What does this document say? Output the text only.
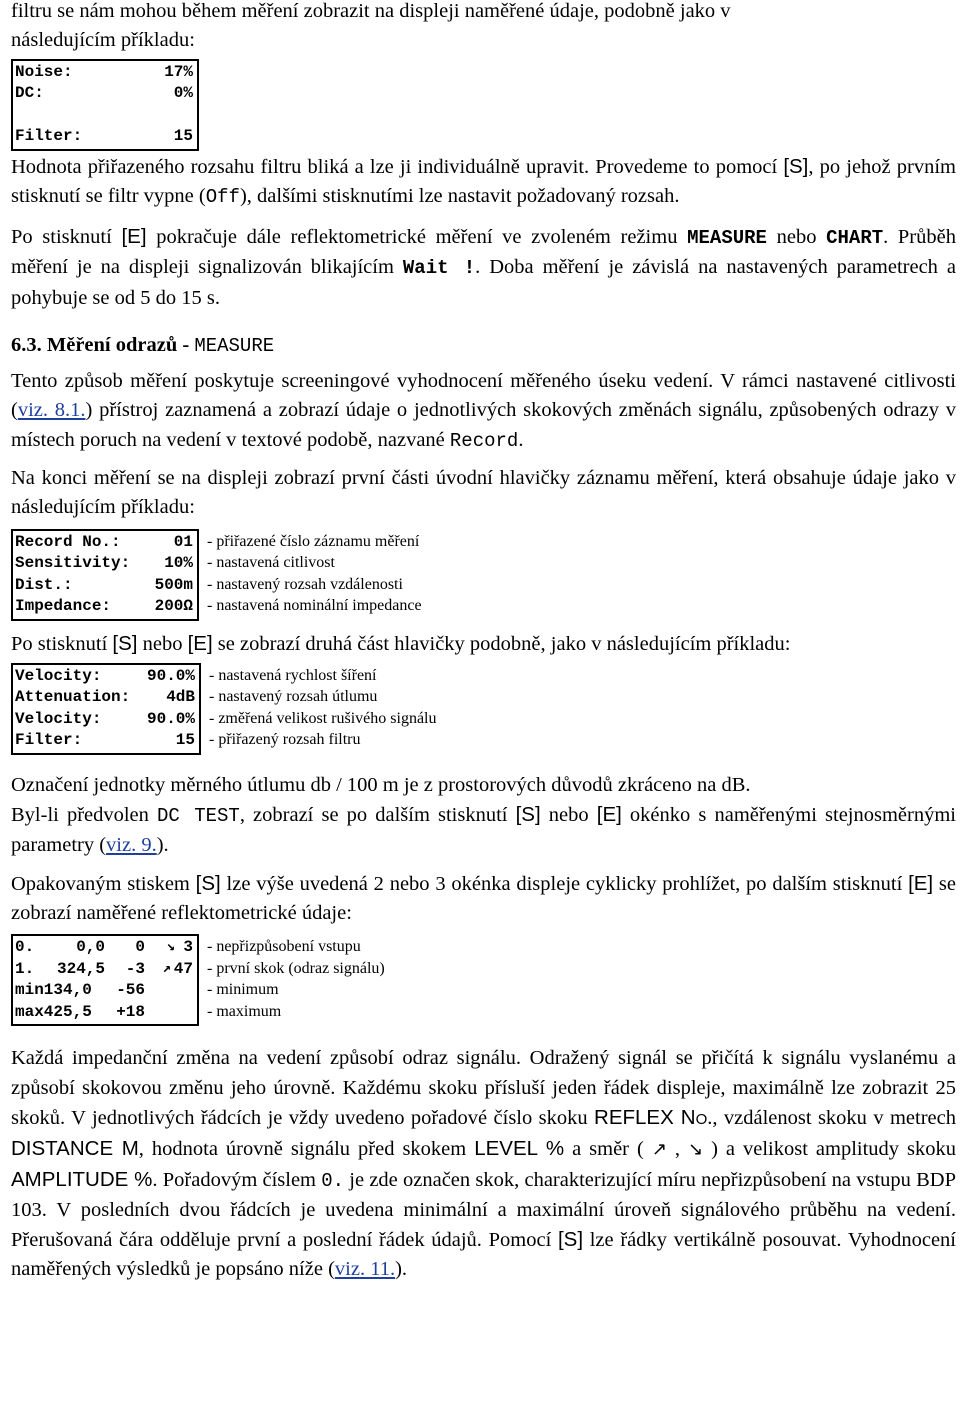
filtru se nám mohou během měření zobrazit na displeji naměřené údaje, podobně jako v
následujícím příkladu:

Noise:	17%
DC:	0%
Filter:	15

Hodnota přiřazeného rozsahu filtru bliká a lze ji individuálně upravit. Provedeme to pomocí [S], po jehož prvním stisknutí se filtr vypne (Off), dalšími stisknutími lze nastavit požadovaný rozsah.

Po stisknutí [E] pokračuje dále reflektometrické měření ve zvoleném režimu MEASURE nebo CHART. Průběh měření je na displeji signalizován blikajícím Wait !. Doba měření je závislá na nastavených parametrech a pohybuje se od 5 do 15 s.

6.3. Měření odrazů - MEASURE

Tento způsob měření poskytuje screeningové vyhodnocení měřeného úseku vedení. V rámci nastavené citlivosti (viz. 8.1.) přístroj zaznamená a zobrazí údaje o jednotlivých skokových změnách signálu, způsobených odrazy v místech poruch na vedení v textové podobě, nazvané Record.

Na konci měření se na displeji zobrazí první části úvodní hlavičky záznamu měření, která obsahuje údaje jako v následujícím příkladu:

Record No.:	01
Sensitivity: 10%
Dist.:	500m
Impedance:	200Ω
- přiřazené číslo záznamu měření
- nastavená citlivost
- nastavený rozsah vzdálenosti
- nastavená nominální impedance

Po stisknutí [S] nebo [E] se zobrazí druhá část hlavičky podobně, jako v následujícím příkladu:

Velocity:	90.0%
Attenuation: 4dB
Velocity:	90.0%
Filter:	15
- nastavená rychlost šíření
- nastavený rozsah útlumu
- změřená velikost rušivého signálu
- přiřazený rozsah filtru

Označení jednotky měrného útlumu db / 100 m je z prostorových důvodů zkráceno na dB.

Byl-li předvolen DC TEST, zobrazí se po dalším stisknutí [S] nebo [E] okénko s naměřenými stejnosměrnými parametry (viz. 9.).

Opakovaným stiskem [S] lze výše uvedená 2 nebo 3 okénka displeje cyklicky prohlížet, po dalším stisknutí [E] se zobrazí naměřené reflektometrické údaje:

0.	0,0	0	↘ 3
1.	324,5	-3	↗ 47
min134,0	-56
max425,5	+18
- nepřizpůsobení vstupu
- první skok (odraz signálu)
- minimum
- maximum

Každá impedanční změna na vedení způsobí odraz signálu. Odražený signál se přičítá k signálu vyslanému a způsobí skokovou změnu jeho úrovně. Každému skoku přísluší jeden řádek displeje, maximálně lze zobrazit 25 skoků. V jednotlivých řádcích je vždy uvedeno pořadové číslo skoku REFLEX NO., vzdálenost skoku v metrech DISTANCE M, hodnota úrovně signálu před skokem LEVEL % a směr ( ↗ , ↘ ) a velikost amplitudy skoku AMPLITUDE %. Pořadovým číslem 0. je zde označen skok, charakterizující míru nepřizpůsobení na vstupu BDP 103. V posledních dvou řádcích je uvedena minimální a maximální úroveň signálového průběhu na vedení. Přerušovaná čára odděluje první a poslední řádek údajů. Pomocí [S] lze řádky vertikálně posouvat. Vyhodnocení naměřených výsledků je popsáno níže (viz. 11.).
